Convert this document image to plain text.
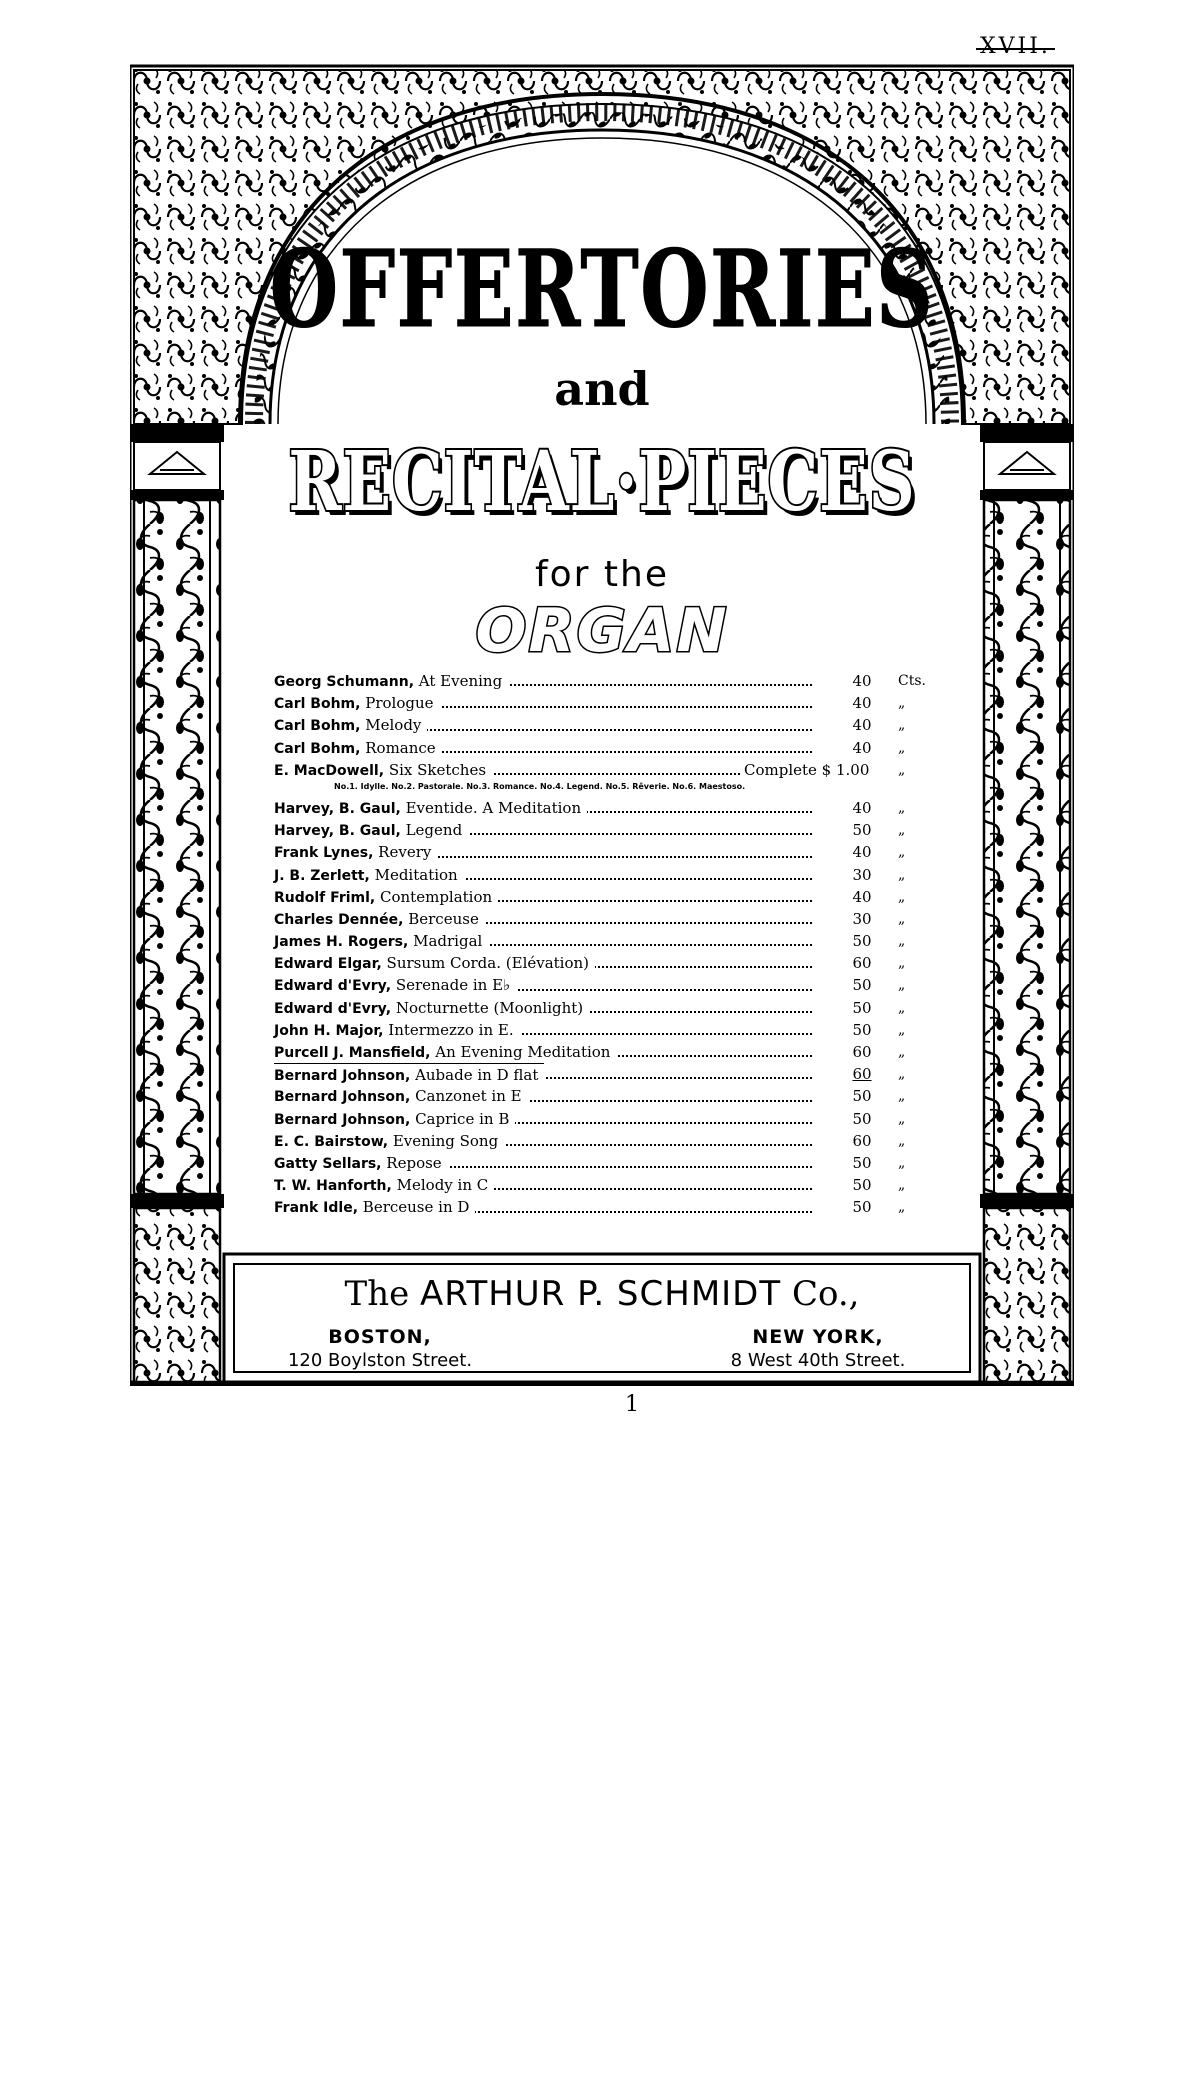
XVII.
OFFERTORIES
and
RECITAL·PIECES
for the
ORGAN
Georg Schumann, At Evening	40	Cts.
Carl Bohm, Prologue	40	„
Carl Bohm, Melody	40	„
Carl Bohm, Romance	40	„
E. MacDowell, Six Sketches	Complete $ 1.00 „
No.1. Idylle. No.2. Pastorale. No.3. Romance. No.4. Legend. No.5. Rêverie. No.6. Maestoso.
Harvey, B. Gaul, Eventide. A Meditation	40	„
Harvey, B. Gaul, Legend	50	„
Frank Lynes, Revery	40	„
J. B. Zerlett, Meditation	30	„
Rudolf Friml, Contemplation	40	„
Charles Dennée, Berceuse	30	„
James H. Rogers, Madrigal	50	„
Edward Elgar, Sursum Corda. (Elévation)	60	„
Edward d'Evry, Serenade in E♭	50	„
Edward d'Evry, Nocturnette (Moonlight)	50	„
John H. Major, Intermezzo in E.	50	„
Purcell J. Mansfield, An Evening Meditation	60	„
Bernard Johnson, Aubade in D flat	60	„
Bernard Johnson, Canzonet in E	50	„
Bernard Johnson, Caprice in B	50	„
E. C. Bairstow, Evening Song	60	„
Gatty Sellars, Repose	50	„
T. W. Hanforth, Melody in C	50	„
Frank Idle, Berceuse in D	50	„
The ARTHUR P. SCHMIDT Co.,
BOSTON,
120 Boylston Street.
NEW YORK,
8 West 40th Street.
1
